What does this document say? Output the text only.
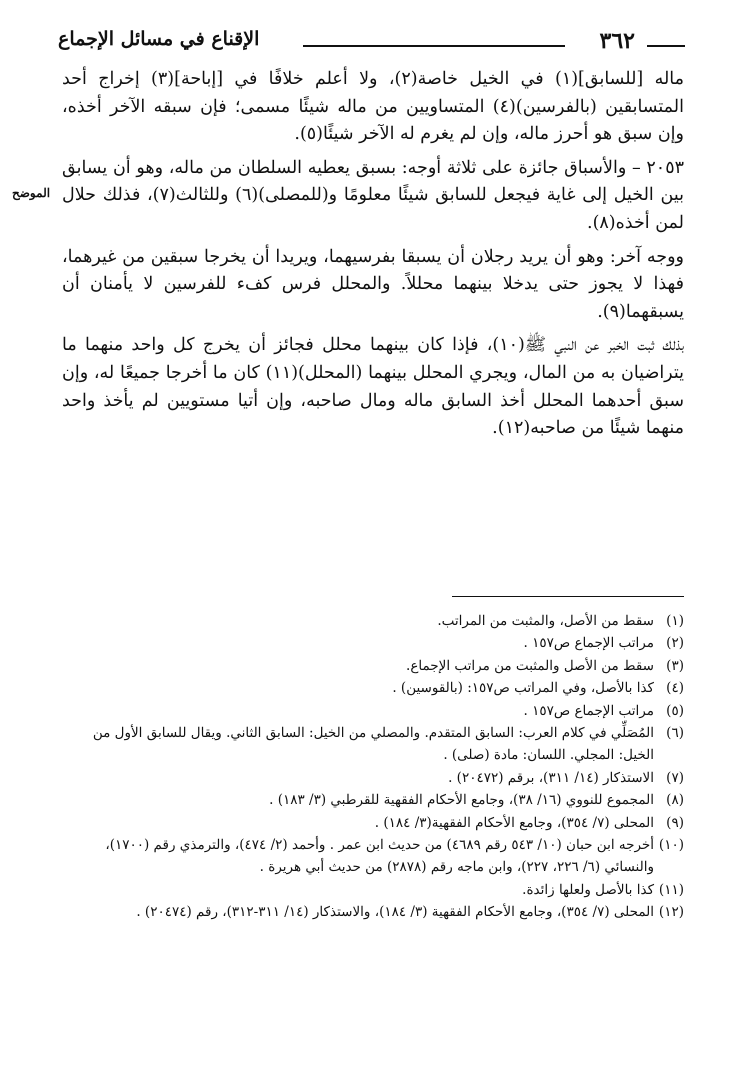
٣٦٢
الإقناع في مسائل الإجماع
الموضح

ماله [للسابق](١) في الخيل خاصة(٢)، ولا أعلم خلافًا في [إباحة](٣) إخراج أحد المتسابقين (بالفرسين)(٤) المتساويين من ماله شيئًا مسمى؛ فإن سبقه الآخر أخذه، وإن سبق هو أحرز ماله، وإن لم يغرم له الآخر شيئًا(٥).

٢٠٥٣ – والأسباق جائزة على ثلاثة أوجه: بسبق يعطيه السلطان من ماله، وهو أن يسابق بين الخيل إلى غاية فيجعل للسابق شيئًا معلومًا و(للمصلى)(٦) وللثالث(٧)، فذلك حلال لمن أخذه(٨).

ووجه آخر: وهو أن يريد رجلان أن يسبقا بفرسيهما، ويريدا أن يخرجا سبقين من غيرهما، فهذا لا يجوز حتى يدخلا بينهما محللاً. والمحلل فرس كفء للفرسين لا يأمنان أن يسبقهما(٩).

بذلك ثبت الخبر عن النبي ﷺ(١٠)، فإذا كان بينهما محلل فجائز أن يخرج كل واحد منهما ما يتراضيان به من المال، ويجري المحلل بينهما (المحلل)(١١) كان ما أخرجا جميعًا له، وإن سبق أحدهما المحلل أخذ السابق ماله ومال صاحبه، وإن أتيا مستويين لم يأخذ واحد منهما شيئًا من صاحبه(١٢).

(١)سقط من الأصل، والمثبت من المراتب.

(٢)مراتب الإجماع ص١٥٧ .

(٣)سقط من الأصل والمثبت من مراتب الإجماع.

(٤)كذا بالأصل، وفي المراتب ص١٥٧: (بالقوسين) .

(٥)مراتب الإجماع ص١٥٧ .

(٦)المُصَلِّي في كلام العرب: السابق المتقدم. والمصلي من الخيل: السابق الثاني. ويقال للسابق الأول من الخيل: المجلي. اللسان: مادة (صلى) .

(٧)الاستذكار (١٤/ ٣١١)، برقم (٢٠٤٧٢) .

(٨)المجموع للنووي (١٦/ ٣٨)، وجامع الأحكام الفقهية للقرطبي (٣/ ١٨٣) .

(٩)المحلى (٧/ ٣٥٤)، وجامع الأحكام الفقهية(٣/ ١٨٤) .

(١٠)أخرجه ابن حبان (١٠/ ٥٤٣ رقم ٤٦٨٩) من حديث ابن عمر . وأحمد (٢/ ٤٧٤)، والترمذي رقم (١٧٠٠)، والنسائي (٦/ ٢٢٦، ٢٢٧)، وابن ماجه رقم (٢٨٧٨) من حديث أبي هريرة .

(١١)كذا بالأصل ولعلها زائدة.

(١٢)المحلى (٧/ ٣٥٤)، وجامع الأحكام الفقهية (٣/ ١٨٤)، والاستذكار (١٤/ ٣١١-٣١٢)، رقم (٢٠٤٧٤) .
